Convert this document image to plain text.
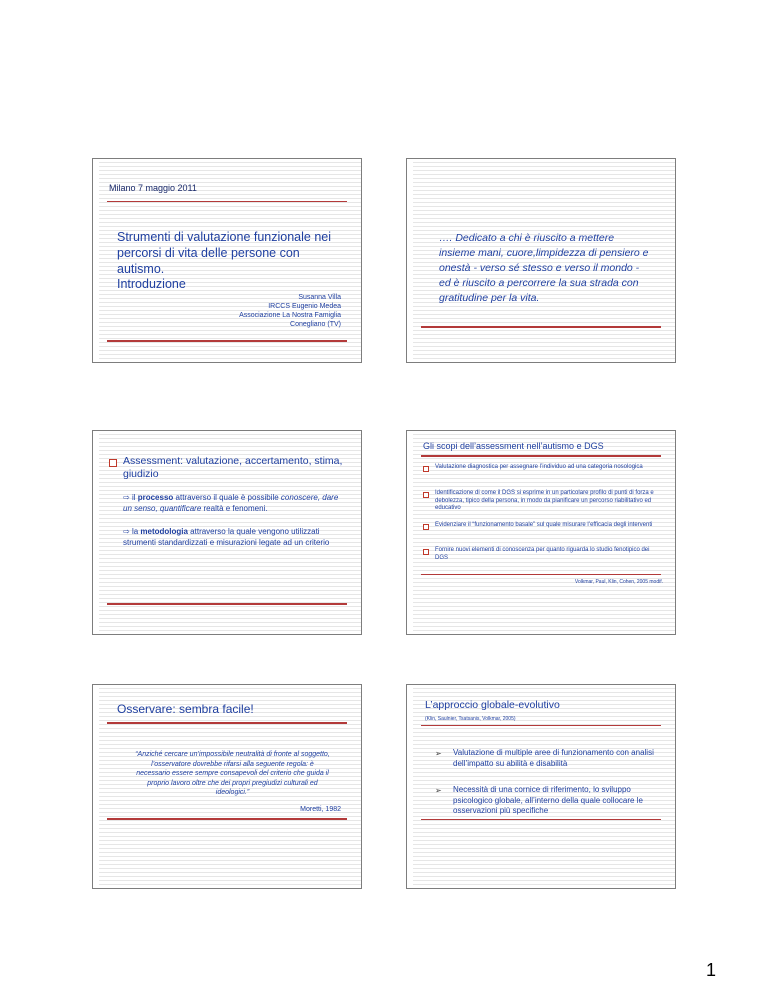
Milano 7 maggio 2011
Strumenti di valutazione funzionale nei percorsi di vita delle persone con autismo.
Introduzione
Susanna Villa
IRCCS Eugenio Medea
Associazione La Nostra Famiglia
Conegliano (TV)
…. Dedicato a chi è riuscito a mettere insieme mani, cuore,limpidezza di pensiero e onestà - verso sé stesso e verso il mondo - ed è riuscito a percorrere la sua strada con gratitudine per la vita.
Assessment: valutazione, accertamento, stima, giudizio
⇨ il processo attraverso il quale è possibile conoscere, dare un senso, quantificare realtà e fenomeni.
⇨ la metodologia attraverso la quale vengono utilizzati strumenti standardizzati e misurazioni legate ad un criterio
Gli scopi dell’assessment nell’autismo e DGS
Valutazione diagnostica per assegnare l’individuo ad una categoria nosologica
Identificazione di come il DGS si esprime in un particolare profilo di punti di forza e debolezza, tipico della persona, in modo da pianificare un percorso riabilitativo ed educativo
Evidenziare il “funzionamento basale” sul quale misurare l’efficacia degli interventi
Fornire nuovi elementi di conoscenza per quanto riguarda lo studio fenotipico dei DGS
Volkmar, Paul, Klin, Cohen, 2005 modif.
Osservare: sembra facile!
“Anziché cercare un’impossibile neutralità di fronte al soggetto, l’osservatore dovrebbe rifarsi alla seguente regola: è necessario essere sempre consapevoli del criterio che guida il proprio lavoro oltre che dei propri pregiudizi culturali ed ideologici.”
Moretti, 1982
L’approccio globale-evolutivo
(Klin, Saulnier, Tsatsanis, Volkmar, 2005)
➢ Valutazione di multiple aree di funzionamento con analisi dell’impatto su abilità e disabilità
➢ Necessità di una cornice di riferimento, lo sviluppo psicologico globale, all’interno della quale collocare le osservazioni più specifiche
1
